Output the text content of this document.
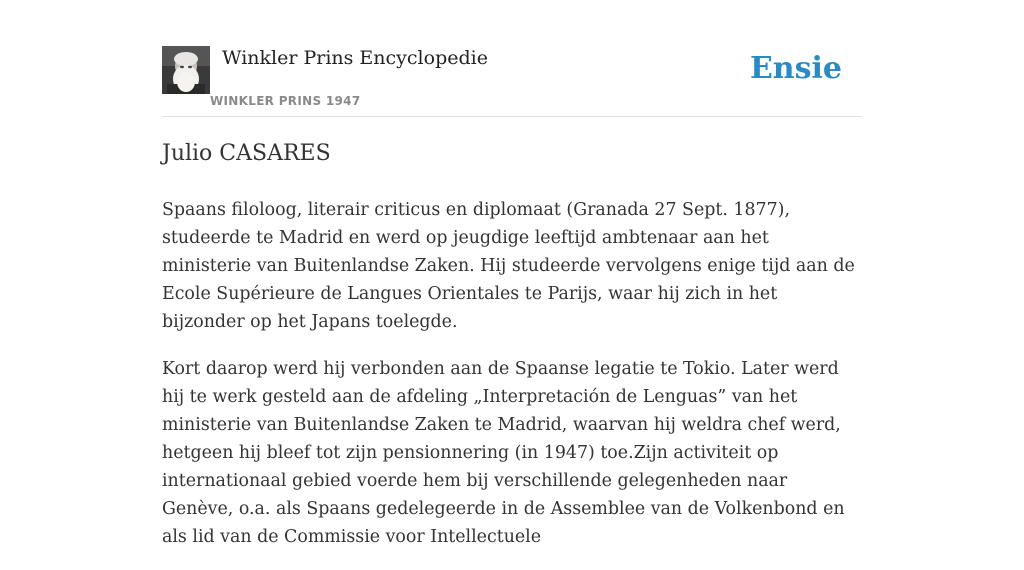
Winkler Prins Encyclopedie
WINKLER PRINS 1947
Ensie
Julio CASARES

Spaans filoloog, literair criticus en diplomaat (Granada 27 Sept. 1877), studeerde te Madrid en werd op jeugdige leeftijd ambtenaar aan het ministerie van Buitenlandse Zaken. Hij studeerde vervolgens enige tijd aan de Ecole Supérieure de Langues Orientales te Parijs, waar hij zich in het bijzonder op het Japans toelegde.

Kort daarop werd hij verbonden aan de Spaanse legatie te Tokio. Later werd hij te werk gesteld aan de afdeling „Interpretación de Lenguas” van het ministerie van Buitenlandse Zaken te Madrid, waarvan hij weldra chef werd, hetgeen hij bleef tot zijn pensionnering (in 1947) toe.Zijn activiteit op internationaal gebied voerde hem bij verschillende gelegenheden naar Genève, o.a. als Spaans gedelegeerde in de Assemblee van de Volkenbond en als lid van de Commissie voor Intellectuele
